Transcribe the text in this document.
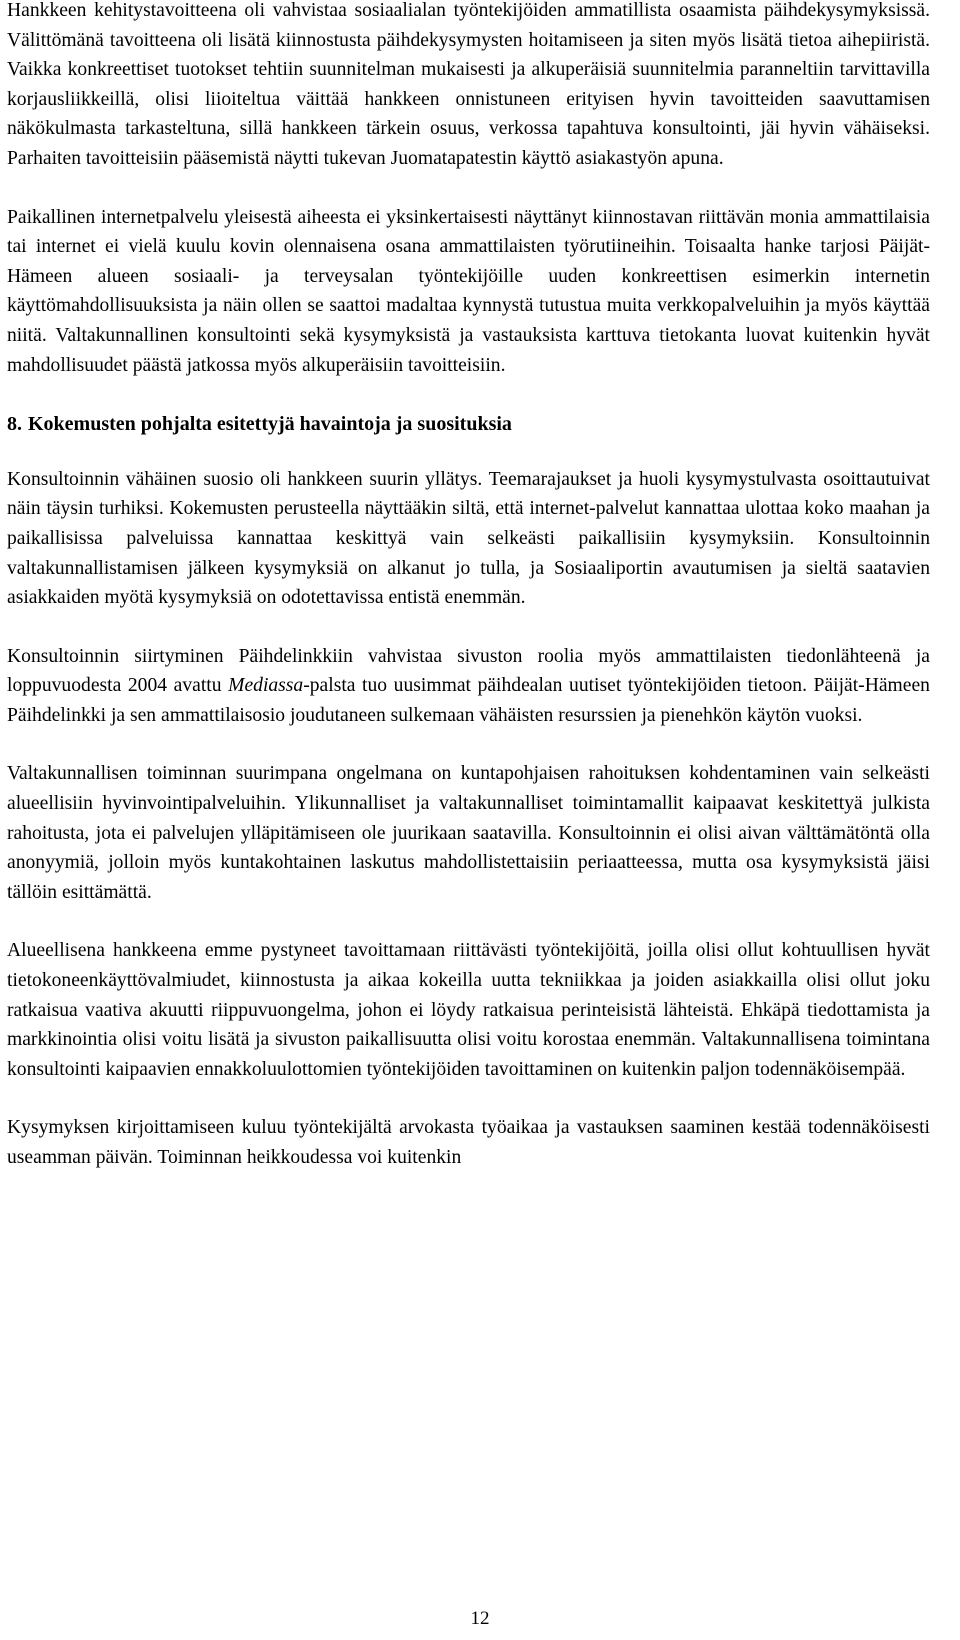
Hankkeen kehitystavoitteena oli vahvistaa sosiaalialan työntekijöiden ammatillista osaamista päihdekysymyksissä. Välittömänä tavoitteena oli lisätä kiinnostusta päihdekysymysten hoitamiseen ja siten myös lisätä tietoa aihepiiristä. Vaikka konkreettiset tuotokset tehtiin suunnitelman mukaisesti ja alkuperäisiä suunnitelmia paranneltiin tarvittavilla korjausliikkeillä, olisi liioiteltua väittää hankkeen onnistuneen erityisen hyvin tavoitteiden saavuttamisen näkökulmasta tarkasteltuna, sillä hankkeen tärkein osuus, verkossa tapahtuva konsultointi, jäi hyvin vähäiseksi. Parhaiten tavoitteisiin pääsemistä näytti tukevan Juomatapatestin käyttö asiakastyön apuna.

Paikallinen internetpalvelu yleisestä aiheesta ei yksinkertaisesti näyttänyt kiinnostavan riittävän monia ammattilaisia tai internet ei vielä kuulu kovin olennaisena osana ammattilaisten työrutiineihin. Toisaalta hanke tarjosi Päijät-Hämeen alueen sosiaali- ja terveysalan työntekijöille uuden konkreettisen esimerkin internetin käyttömahdollisuuksista ja näin ollen se saattoi madaltaa kynnystä tutustua muita verkkopalveluihin ja myös käyttää niitä. Valtakunnallinen konsultointi sekä kysymyksistä ja vastauksista karttuva tietokanta luovat kuitenkin hyvät mahdollisuudet päästä jatkossa myös alkuperäisiin tavoitteisiin.

8. Kokemusten pohjalta esitettyjä havaintoja ja suosituksia

Konsultoinnin vähäinen suosio oli hankkeen suurin yllätys. Teemarajaukset ja huoli kysymystulvasta osoittautuivat näin täysin turhiksi. Kokemusten perusteella näyttääkin siltä, että internet-palvelut kannattaa ulottaa koko maahan ja paikallisissa palveluissa kannattaa keskittyä vain selkeästi paikallisiin kysymyksiin. Konsultoinnin valtakunnallistamisen jälkeen kysymyksiä on alkanut jo tulla, ja Sosiaaliportin avautumisen ja sieltä saatavien asiakkaiden myötä kysymyksiä on odotettavissa entistä enemmän.

Konsultoinnin siirtyminen Päihdelinkkiin vahvistaa sivuston roolia myös ammattilaisten tiedonlähteenä ja loppuvuodesta 2004 avattu Mediassa-palsta tuo uusimmat päihdealan uutiset työntekijöiden tietoon. Päijät-Hämeen Päihdelinkki ja sen ammattilaisosio joudutaneen sulkemaan vähäisten resurssien ja pienehkön käytön vuoksi.

Valtakunnallisen toiminnan suurimpana ongelmana on kuntapohjaisen rahoituksen kohdentaminen vain selkeästi alueellisiin hyvinvointipalveluihin. Ylikunnalliset ja valtakunnalliset toimintamallit kaipaavat keskitettyä julkista rahoitusta, jota ei palvelujen ylläpitämiseen ole juurikaan saatavilla. Konsultoinnin ei olisi aivan välttämätöntä olla anonyymiä, jolloin myös kuntakohtainen laskutus mahdollistettaisiin periaatteessa, mutta osa kysymyksistä jäisi tällöin esittämättä.

Alueellisena hankkeena emme pystyneet tavoittamaan riittävästi työntekijöitä, joilla olisi ollut kohtuullisen hyvät tietokoneenkäyttövalmiudet, kiinnostusta ja aikaa kokeilla uutta tekniikkaa ja joiden asiakkailla olisi ollut joku ratkaisua vaativa akuutti riippuvuongelma, johon ei löydy ratkaisua perinteisistä lähteistä. Ehkäpä tiedottamista ja markkinointia olisi voitu lisätä ja sivuston paikallisuutta olisi voitu korostaa enemmän. Valtakunnallisena toimintana konsultointi kaipaavien ennakkoluulottomien työntekijöiden tavoittaminen on kuitenkin paljon todennäköisempää.

Kysymyksen kirjoittamiseen kuluu työntekijältä arvokasta työaikaa ja vastauksen saaminen kestää todennäköisesti useamman päivän. Toiminnan heikkoudessa voi kuitenkin

12
